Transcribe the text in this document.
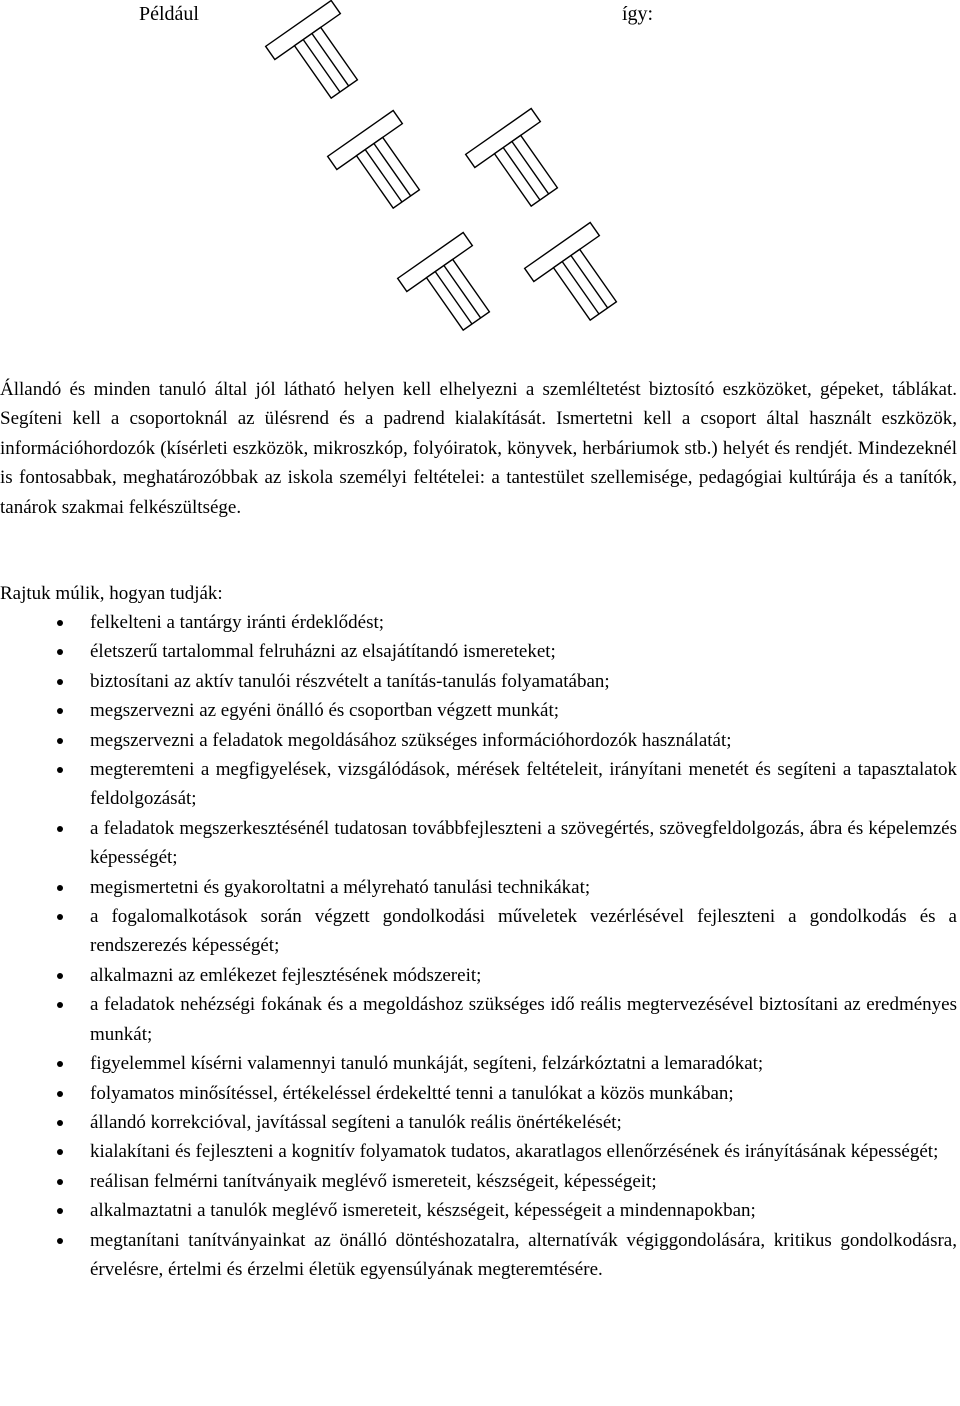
Például	így:

Állandó és minden tanuló által jól látható helyen kell elhelyezni a szemléltetést biztosító eszközöket, gépeket, táblákat. Segíteni kell a csoportoknál az ülésrend és a padrend kialakítását. Ismertetni kell a csoport által használt eszközök, információhordozók (kísérleti eszközök, mikroszkóp, folyóiratok, könyvek, herbáriumok stb.) helyét és rendjét. Mindezeknél is fontosabbak, meghatározóbbak az iskola személyi feltételei: a tantestület szellemisége, pedagógiai kultúrája és a tanítók, tanárok szakmai felkészültsége.

Rajtuk múlik, hogyan tudják:

felkelteni a tantárgy iránti érdeklődést;
életszerű tartalommal felruházni az elsajátítandó ismereteket;
biztosítani az aktív tanulói részvételt a tanítás-tanulás folyamatában;
megszervezni az egyéni önálló és csoportban végzett munkát;
megszervezni a feladatok megoldásához szükséges információhordozók használatát;
megteremteni a megfigyelések, vizsgálódások, mérések feltételeit, irányítani menetét és segíteni a tapasztalatok feldolgozását;
a feladatok megszerkesztésénél tudatosan továbbfejleszteni a szövegértés, szövegfeldolgozás, ábra és képelemzés képességét;
megismertetni és gyakoroltatni a mélyreható tanulási technikákat;
a fogalomalkotások során végzett gondolkodási műveletek vezérlésével fejleszteni a gondolkodás és a rendszerezés képességét;
alkalmazni az emlékezet fejlesztésének módszereit;
a feladatok nehézségi fokának és a megoldáshoz szükséges idő reális megtervezésével biztosítani az eredményes munkát;
figyelemmel kísérni valamennyi tanuló munkáját, segíteni, felzárkóztatni a lemaradókat;
folyamatos minősítéssel, értékeléssel érdekeltté tenni a tanulókat a közös munkában;
állandó korrekcióval, javítással segíteni a tanulók reális önértékelését;
kialakítani és fejleszteni a kognitív folyamatok tudatos, akaratlagos ellenőrzésének és irányításának képességét;
reálisan felmérni tanítványaik meglévő ismereteit, készségeit, képességeit;
alkalmaztatni a tanulók meglévő ismereteit, készségeit, képességeit a mindennapokban;
megtanítani tanítványainkat az önálló döntéshozatalra, alternatívák végiggondolására, kritikus gondolkodásra, érvelésre, értelmi és érzelmi életük egyensúlyának megteremtésére.
